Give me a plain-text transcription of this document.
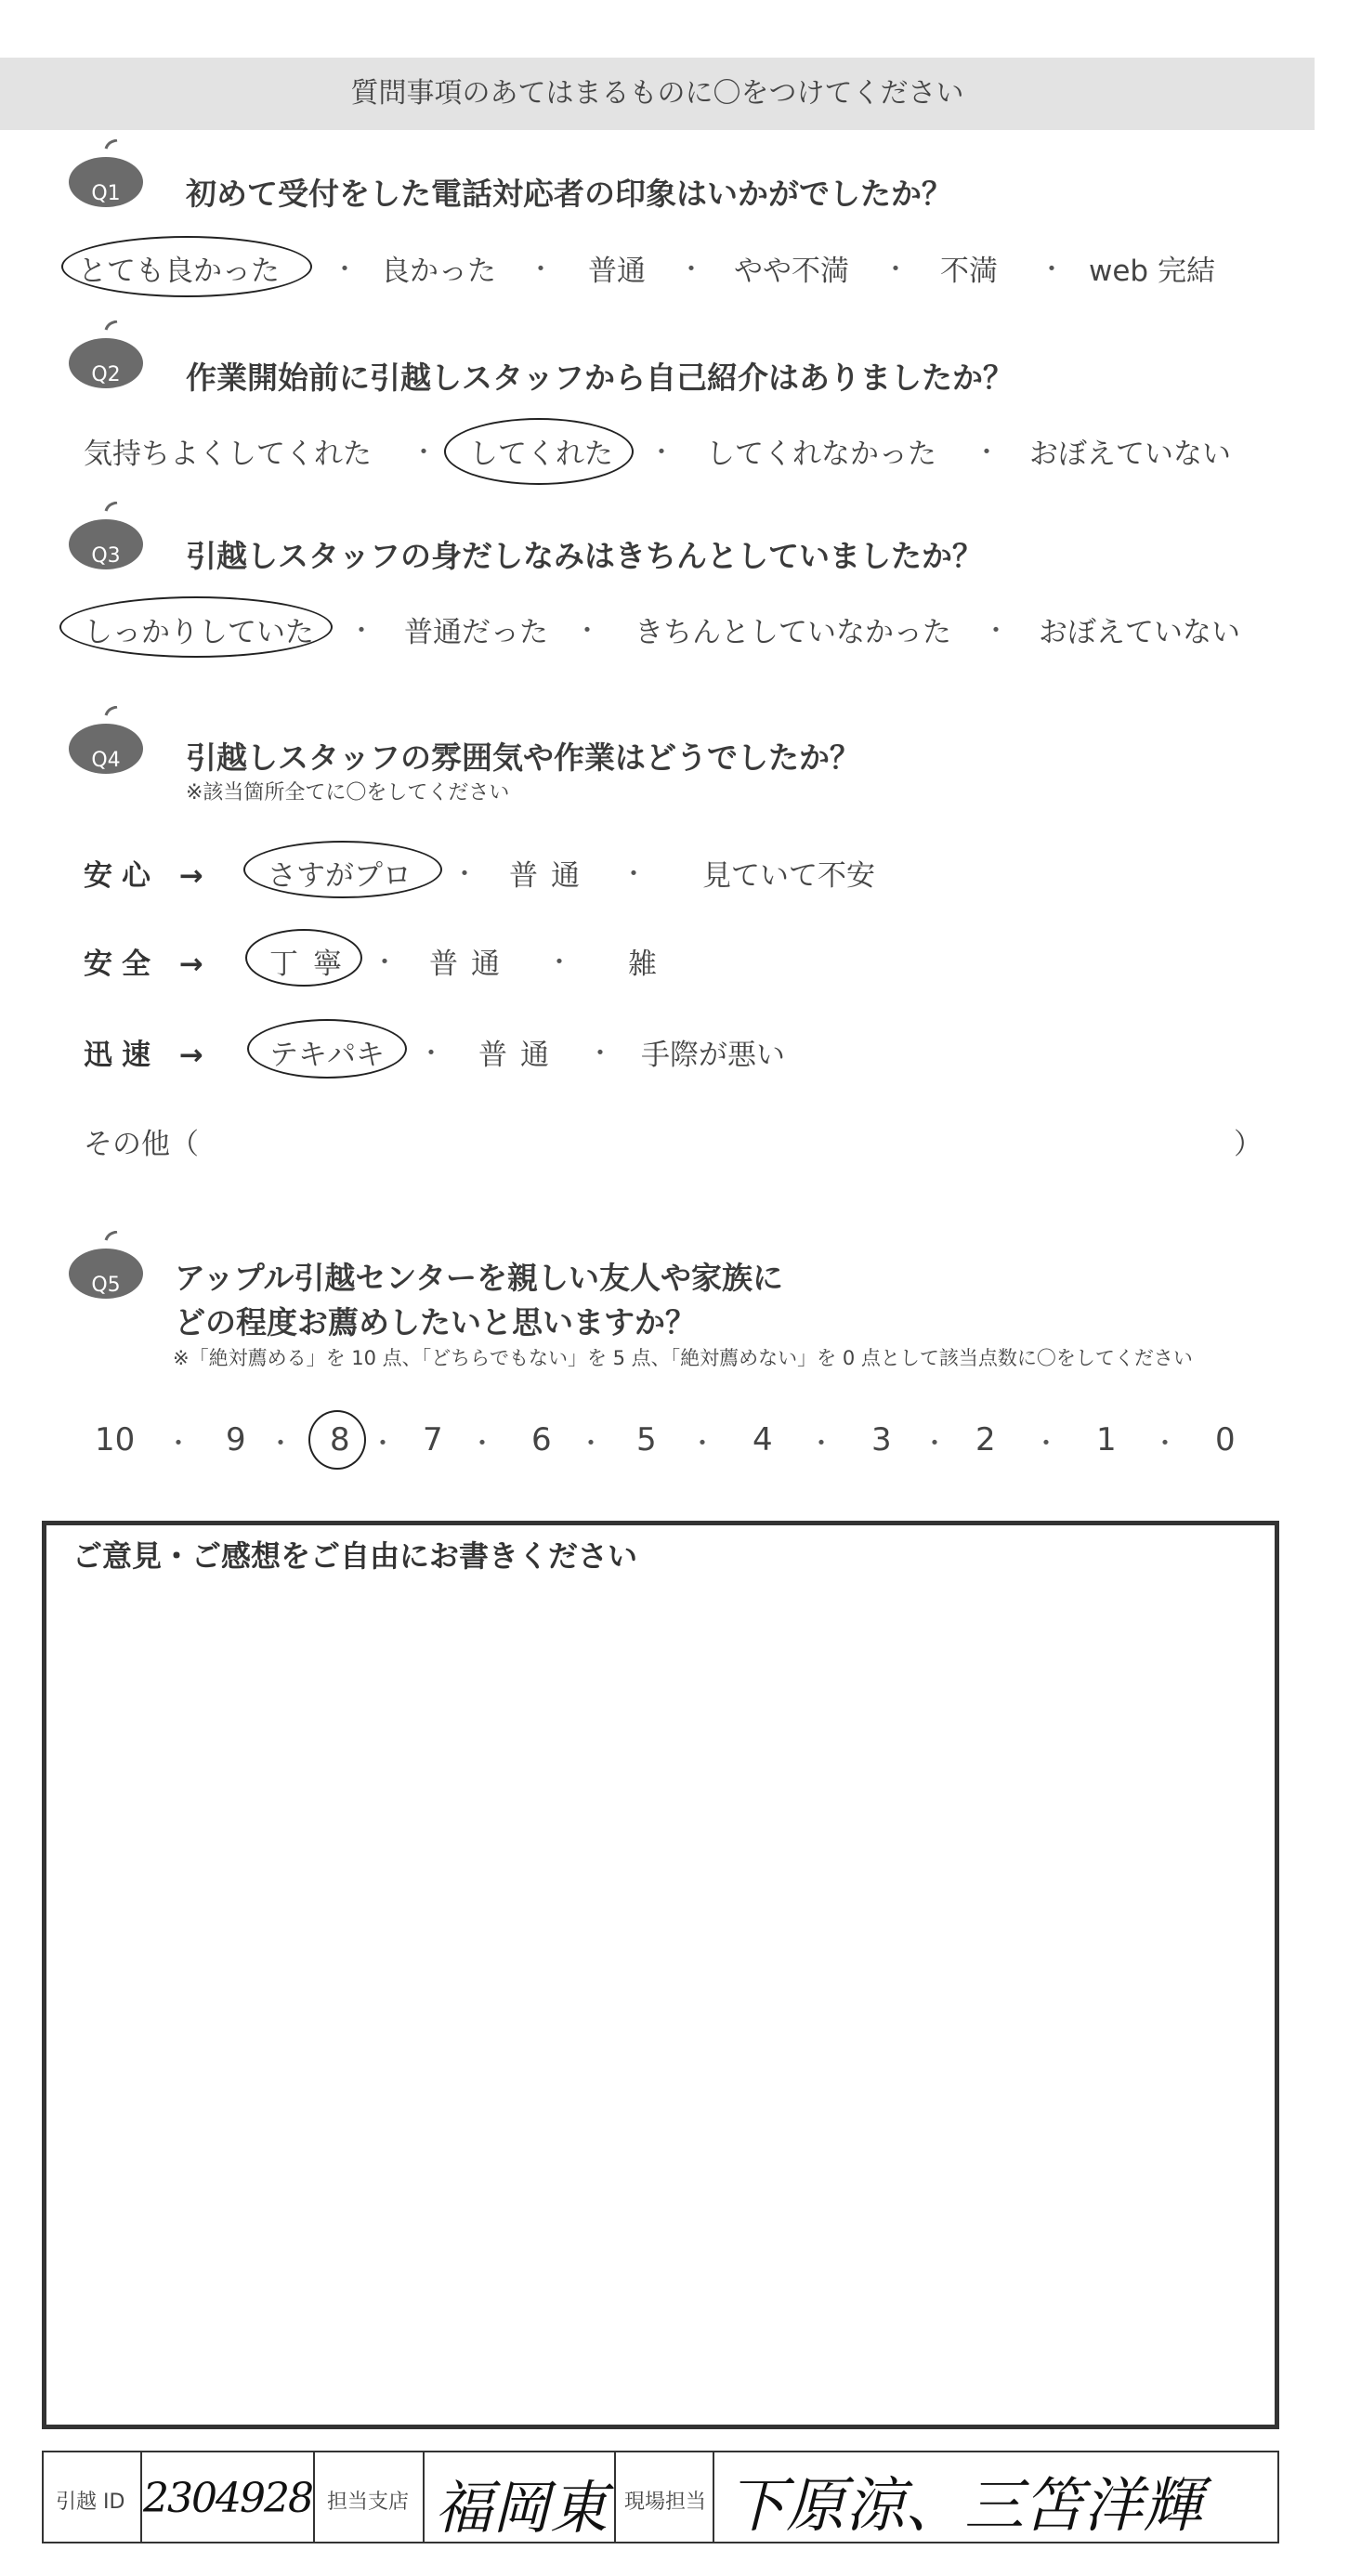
質問事項のあてはまるものに〇をつけてください
Q1	初めて受付をした電話対応者の印象はいかがでしたか？
とても良かった ・ 良かった ・ 普通 ・ やや不満 ・ 不満 ・ web 完結
Q2	作業開始前に引越しスタッフから自己紹介はありましたか？
気持ちよくしてくれた ・ してくれた ・ してくれなかった ・ おぼえていない
Q3	引越しスタッフの身だしなみはきちんとしていましたか？
しっかりしていた ・ 普通だった ・ きちんとしていなかった ・ おぼえていない
Q4	引越しスタッフの雰囲気や作業はどうでしたか？
※該当箇所全てに〇をしてください
安心 → さすがプロ ・ 普通 ・ 見ていて不安
安全 → 丁寧 ・ 普通 ・ 雑
迅速 → テキパキ ・ 普通 ・ 手際が悪い
その他（	）
Q5	アップル引越センターを親しい友人や家族に
どの程度お薦めしたいと思いますか？
※「絶対薦める」を 10 点、「どちらでもない」を 5 点、「絶対薦めない」を 0 点として該当点数に〇をしてください
10 ・ 9 ・ 8 ・ 7 ・ 6 ・ 5 ・ 4 ・ 3 ・ 2 ・ 1 ・ 0
ご意見・ご感想をご自由にお書きください
引越 ID 2304928 担当支店 福岡東 現場担当 下原涼、三笘洋輝
